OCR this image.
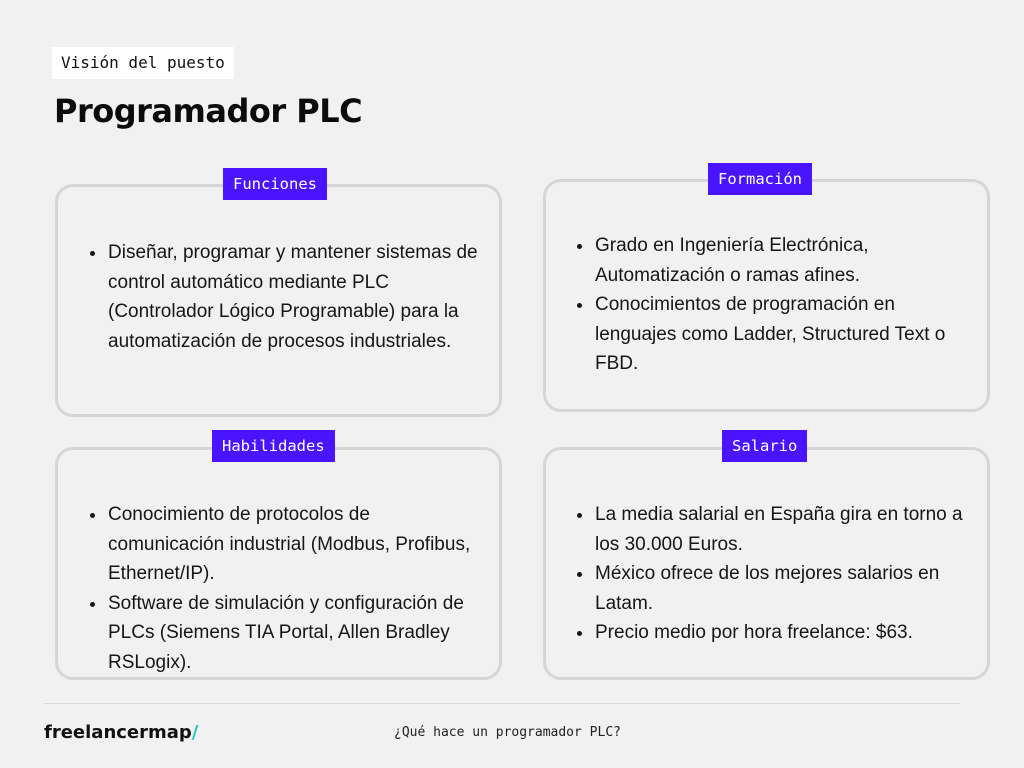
Visión del puesto
Programador PLC
Funciones
Diseñar, programar y mantener sistemas de control automático mediante PLC (Controlador Lógico Programable) para la automatización de procesos industriales.
Formación
Grado en Ingeniería Electrónica, Automatización o ramas afines.
Conocimientos de programación en lenguajes como Ladder, Structured Text o FBD.
Habilidades
Conocimiento de protocolos de comunicación industrial (Modbus, Profibus, Ethernet/IP).
Software de simulación y configuración de PLCs (Siemens TIA Portal, Allen Bradley RSLogix).
Salario
La media salarial en España gira en torno a los 30.000 Euros.
México ofrece de los mejores salarios en Latam.
Precio medio por hora freelance: $63.
freelancermap/	¿Qué hace un programador PLC?
